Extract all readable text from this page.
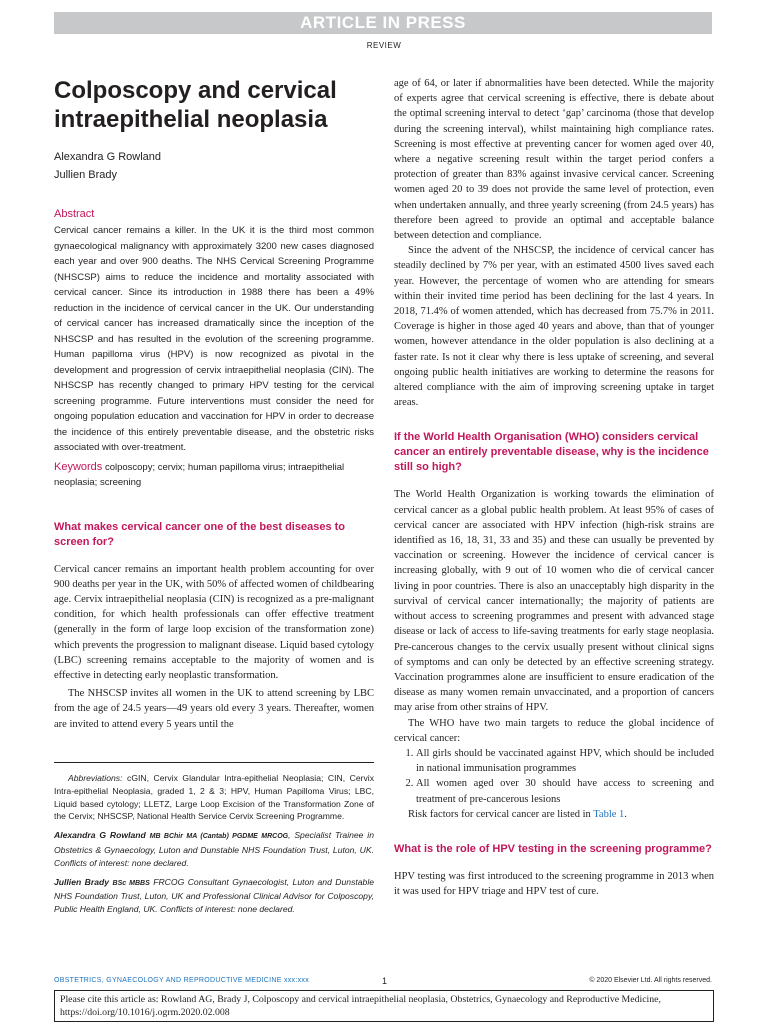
ARTICLE IN PRESS
REVIEW
Colposcopy and cervical intraepithelial neoplasia
Alexandra G Rowland
Jullien Brady
Abstract
Cervical cancer remains a killer. In the UK it is the third most common gynaecological malignancy with approximately 3200 new cases diagnosed each year and over 900 deaths. The NHS Cervical Screening Programme (NHSCSP) aims to reduce the incidence and mortality associated with cervical cancer. Since its introduction in 1988 there has been a 49% reduction in the incidence of cervical cancer in the UK. Our understanding of cervical cancer has increased dramatically since the inception of the NHSCSP and has resulted in the evolution of the screening programme. Human papilloma virus (HPV) is now recognized as pivotal in the development and progression of cervix intraepithelial neoplasia (CIN). The NHSCSP has recently changed to primary HPV testing for the cervical screening programme. Future interventions must consider the need for ongoing population education and vaccination for HPV in order to decrease the incidence of this entirely preventable disease, and the obstetric risks associated with over-treatment.
Keywords colposcopy; cervix; human papilloma virus; intraepithelial neoplasia; screening
What makes cervical cancer one of the best diseases to screen for?

Cervical cancer remains an important health problem accounting for over 900 deaths per year in the UK, with 50% of affected women of childbearing age. Cervix intraepithelial neoplasia (CIN) is recognized as a pre-malignant condition, for which health professionals can offer effective treatment (generally in the form of large loop excision of the transformation zone) which prevents the progression to malignant disease. Liquid based cytology (LBC) screening remains acceptable to the majority of women and is effective in detecting early neoplastic transformation.

The NHSCSP invites all women in the UK to attend screening by LBC from the age of 24.5 years—49 years old every 3 years. Thereafter, women are invited to attend every 5 years until the

Abbreviations: cGIN, Cervix Glandular Intra-epithelial Neoplasia; CIN, Cervix Intra-epithelial Neoplasia, graded 1, 2 & 3; HPV, Human Papilloma Virus; LBC, Liquid based cytology; LLETZ, Large Loop Excision of the Transformation Zone of the Cervix; NHSCSP, National Health Service Cervix Screening Programme.

Alexandra G Rowland MB BChir MA (Cantab) PGDME MRCOG, Specialist Trainee in Obstetrics & Gynaecology, Luton and Dunstable NHS Foundation Trust, Luton, UK. Conflicts of interest: none declared.

Jullien Brady BSc MBBS FRCOG Consultant Gynaecologist, Luton and Dunstable NHS Foundation Trust, Luton, UK and Professional Clinical Advisor for Colposcopy, Public Health England, UK. Conflicts of interest: none declared.

age of 64, or later if abnormalities have been detected. While the majority of experts agree that cervical screening is effective, there is debate about the optimal screening interval to detect ‘gap’ carcinoma (those that develop during the screening interval), whilst maintaining high compliance rates. Screening is most effective at preventing cancer for women aged over 40, where a negative screening result within the target period confers a protection of greater than 83% against invasive cervical cancer. Screening women aged 20 to 39 does not provide the same level of protection, even when undertaken annually, and three yearly screening (from 24.5 years) has therefore been agreed to provide an optimal and acceptable balance between detection and compliance.

Since the advent of the NHSCSP, the incidence of cervical cancer has steadily declined by 7% per year, with an estimated 4500 lives saved each year. However, the percentage of women who are attending for smears within their invited time period has been declining for the last 4 years. In 2018, 71.4% of women attended, which has decreased from 75.7% in 2011. Coverage is higher in those aged 40 years and above, than that of younger women, however attendance in the older population is also declining at a faster rate. Is not it clear why there is less uptake of screening, and several ongoing public health initiatives are working to determine the reasons for altered compliance with the aim of improving screening uptake in target areas.

If the World Health Organisation (WHO) considers cervical cancer an entirely preventable disease, why is the incidence still so high?

The World Health Organization is working towards the elimination of cervical cancer as a global public health problem. At least 95% of cases of cervical cancer are associated with HPV infection (high-risk strains are identified as 16, 18, 31, 33 and 35) and these can usually be prevented by vaccination or screening. However the incidence of cervical cancer is increasing globally, with 9 out of 10 women who die of cervical cancer living in poor countries. There is also an unacceptably high disparity in the survival of cervical cancer internationally; the majority of patients are without access to screening programmes and present with advanced stage disease or lack of access to life-saving treatments for early stage neoplasia. Pre-cancerous changes to the cervix usually present without clinical signs of symptoms and can only be detected by an effective screening strategy. Vaccination programmes alone are insufficient to ensure eradication of the disease as many women remain unvaccinated, and a proportion of cancers may arise from other strains of HPV.

The WHO have two main targets to reduce the global incidence of cervical cancer:

1. All girls should be vaccinated against HPV, which should be included in national immunisation programmes
2. All women aged over 30 should have access to screening and treatment of pre-cancerous lesions

Risk factors for cervical cancer are listed in Table 1.

What is the role of HPV testing in the screening programme?

HPV testing was first introduced to the screening programme in 2013 when it was used for HPV triage and HPV test of cure.

OBSTETRICS, GYNAECOLOGY AND REPRODUCTIVE MEDICINE xxx:xxx	1	© 2020 Elsevier Ltd. All rights reserved.
Please cite this article as: Rowland AG, Brady J, Colposcopy and cervical intraepithelial neoplasia, Obstetrics, Gynaecology and Reproductive Medicine, https://doi.org/10.1016/j.ogrm.2020.02.008
